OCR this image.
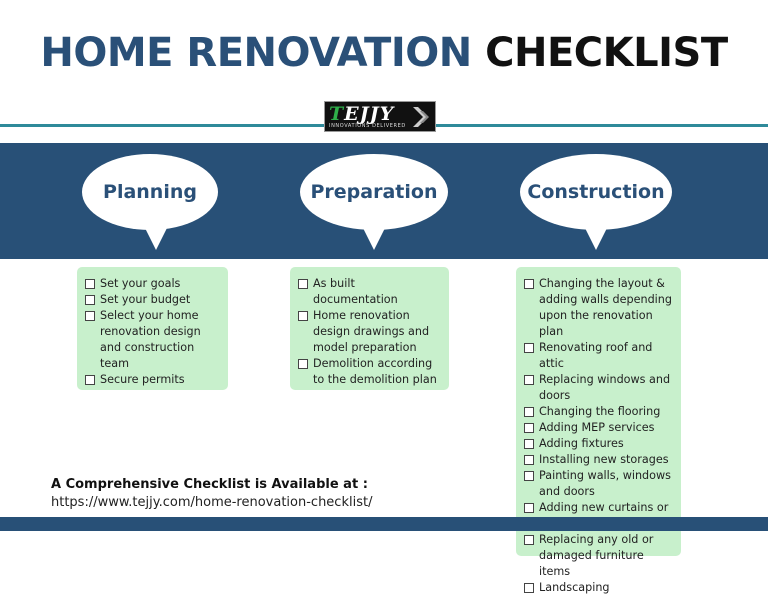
HOME RENOVATION CHECKLIST
TEJJY
INNOVATIONS DELIVERED
Planning	Preparation	Construction
Set your goals
Set your budget
Select your home renovation design and construction team
Secure permits
As built documentation
Home renovation design drawings and model preparation
Demolition according to the demolition plan
Changing the layout & adding walls depending upon the renovation plan
Renovating roof and attic
Replacing windows and doors
Changing the flooring
Adding MEP services
Adding fixtures
Installing new storages
Painting walls, windows and doors
Adding new curtains or
Replacing any old or damaged furniture items
Landscaping
A Comprehensive Checklist is Available at :
https://www.tejjy.com/home-renovation-checklist/
